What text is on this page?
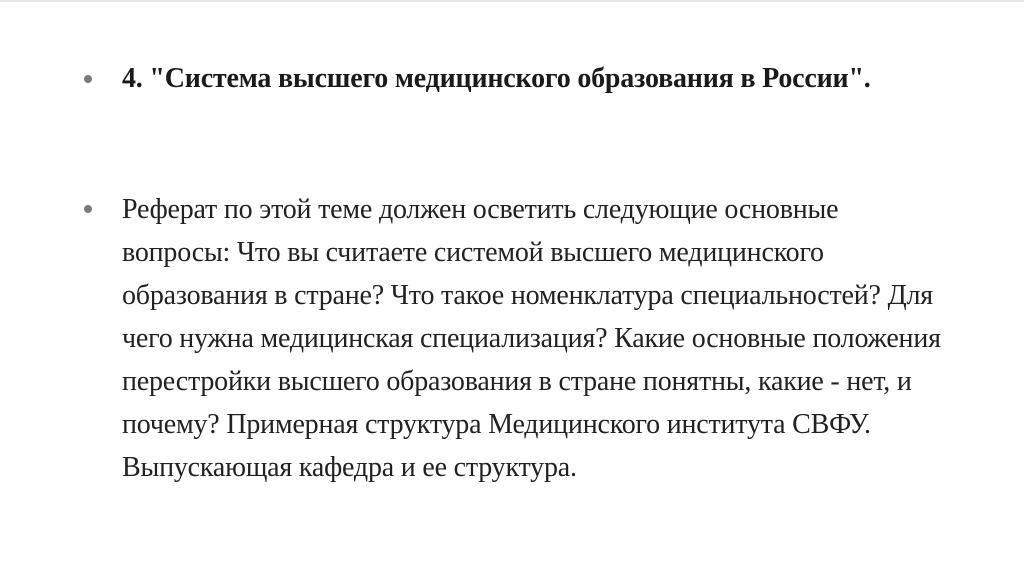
4. "Система высшего медицинского образования в России".
Реферат по этой теме должен осветить следующие основные вопросы: Что вы считаете системой высшего медицинского образования в стране? Что такое номенклатура специальностей? Для чего нужна медицинская специализация? Какие основные положения перестройки высшего образования в стране понятны, какие - нет, и почему? Примерная структура Медицинского института СВФУ. Выпускающая кафедра и ее структура.
